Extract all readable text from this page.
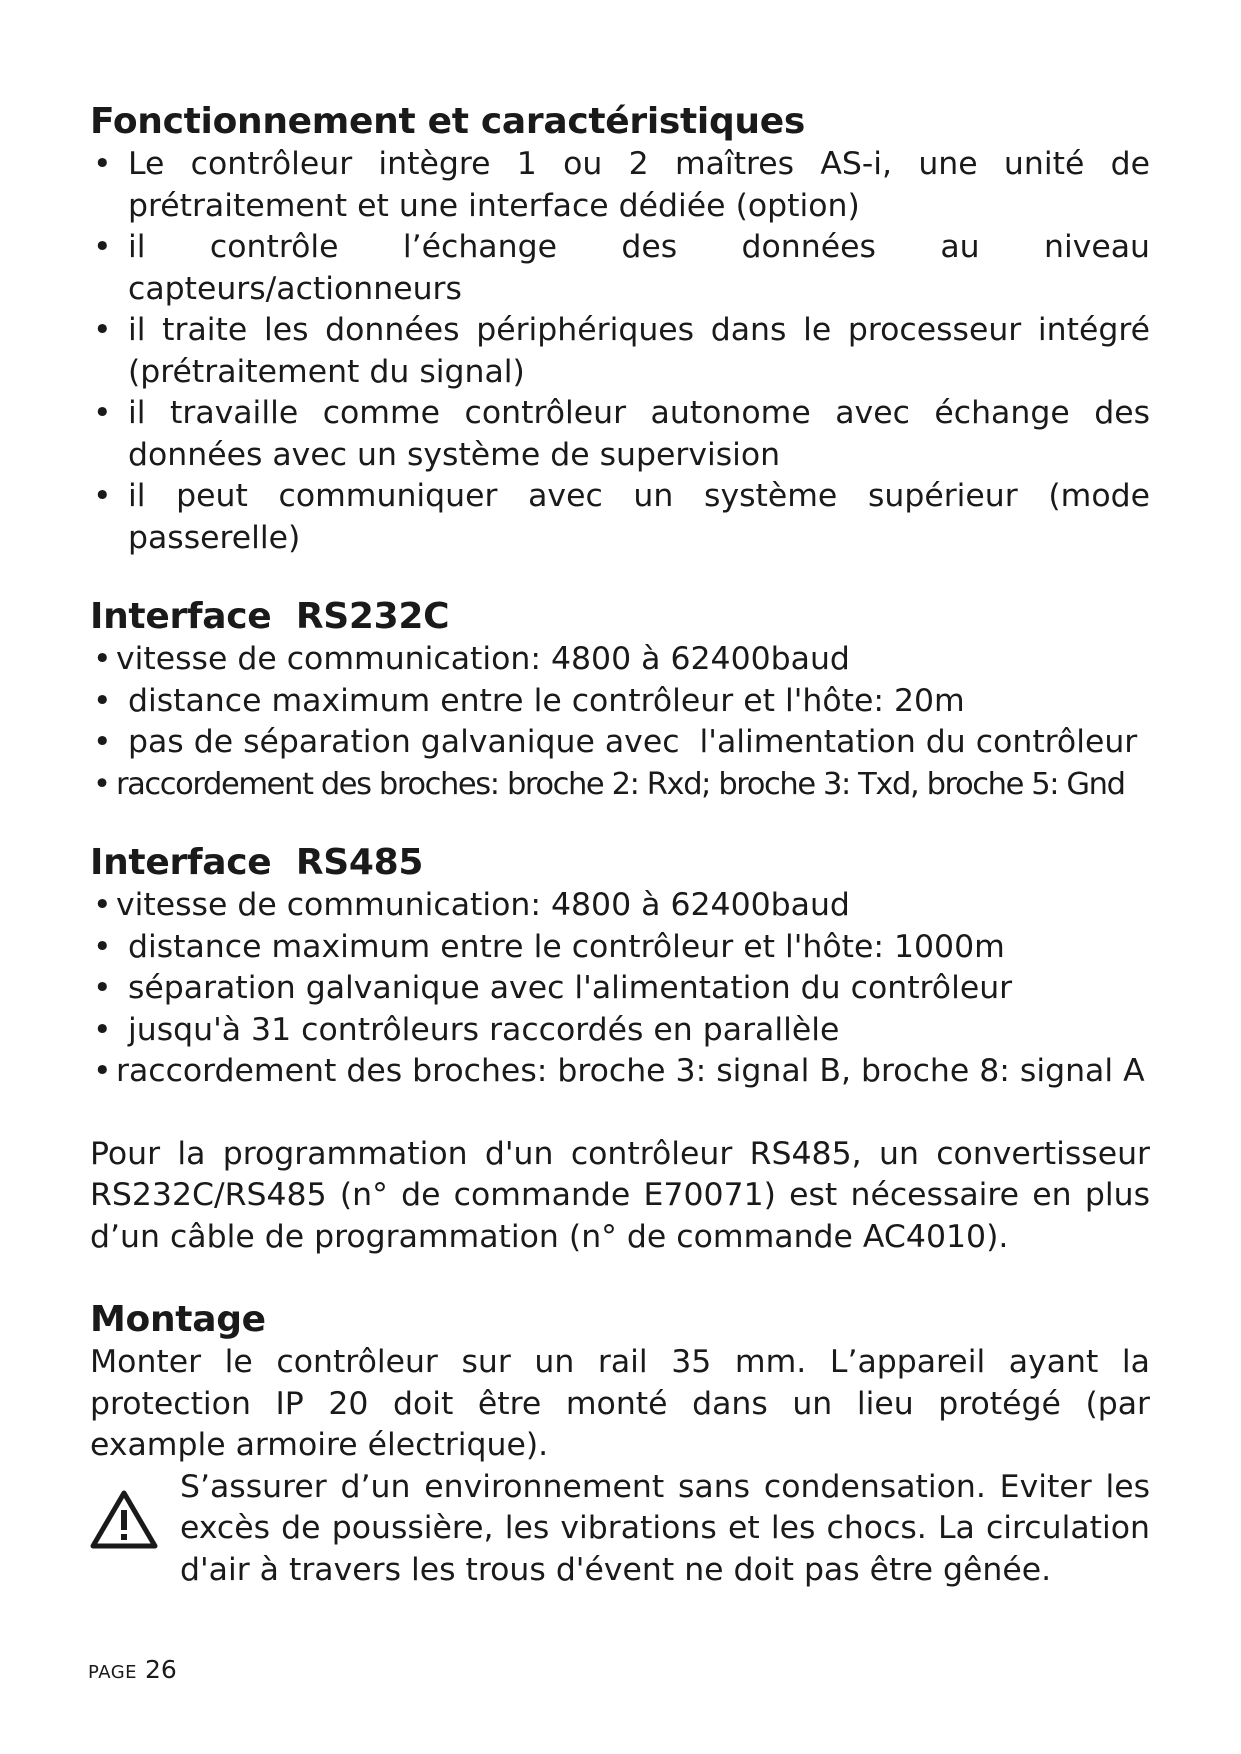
Fonctionnement et caractéristiques
• Le contrôleur intègre 1 ou 2 maîtres AS-i, une unité de prétraitement et une interface dédiée (option)
• il contrôle l’échange des données au niveau capteurs/actionneurs
• il traite les données périphériques dans le processeur intégré (prétraitement du signal)
• il travaille comme contrôleur autonome avec échange des données avec un système de supervision
• il peut communiquer avec un système supérieur (mode passerelle)
Interface  RS232C
• vitesse de communication: 4800 à 62400baud
• distance maximum entre le contrôleur et l'hôte: 20m
• pas de séparation galvanique avec  l'alimentation du contrôleur
• raccordement des broches: broche 2: Rxd; broche 3: Txd, broche 5: Gnd
Interface  RS485
• vitesse de communication: 4800 à 62400baud
• distance maximum entre le contrôleur et l'hôte: 1000m
• séparation galvanique avec l'alimentation du contrôleur
• jusqu'à 31 contrôleurs raccordés en parallèle
• raccordement des broches: broche 3: signal B, broche 8: signal A

Pour la programmation d'un contrôleur RS485, un convertisseur RS232C/RS485 (n° de commande E70071) est nécessaire en plus d’un câble de programmation (n° de commande AC4010).

Montage

Monter le contrôleur sur un rail 35 mm. L’appareil ayant la protection IP 20 doit être monté dans un lieu protégé (par example armoire électrique).

S’assurer d’un environnement sans condensation. Eviter les excès de poussière, les vibrations et les chocs. La circulation d'air à travers les trous d'évent ne doit pas être gênée.
PAGE 26
